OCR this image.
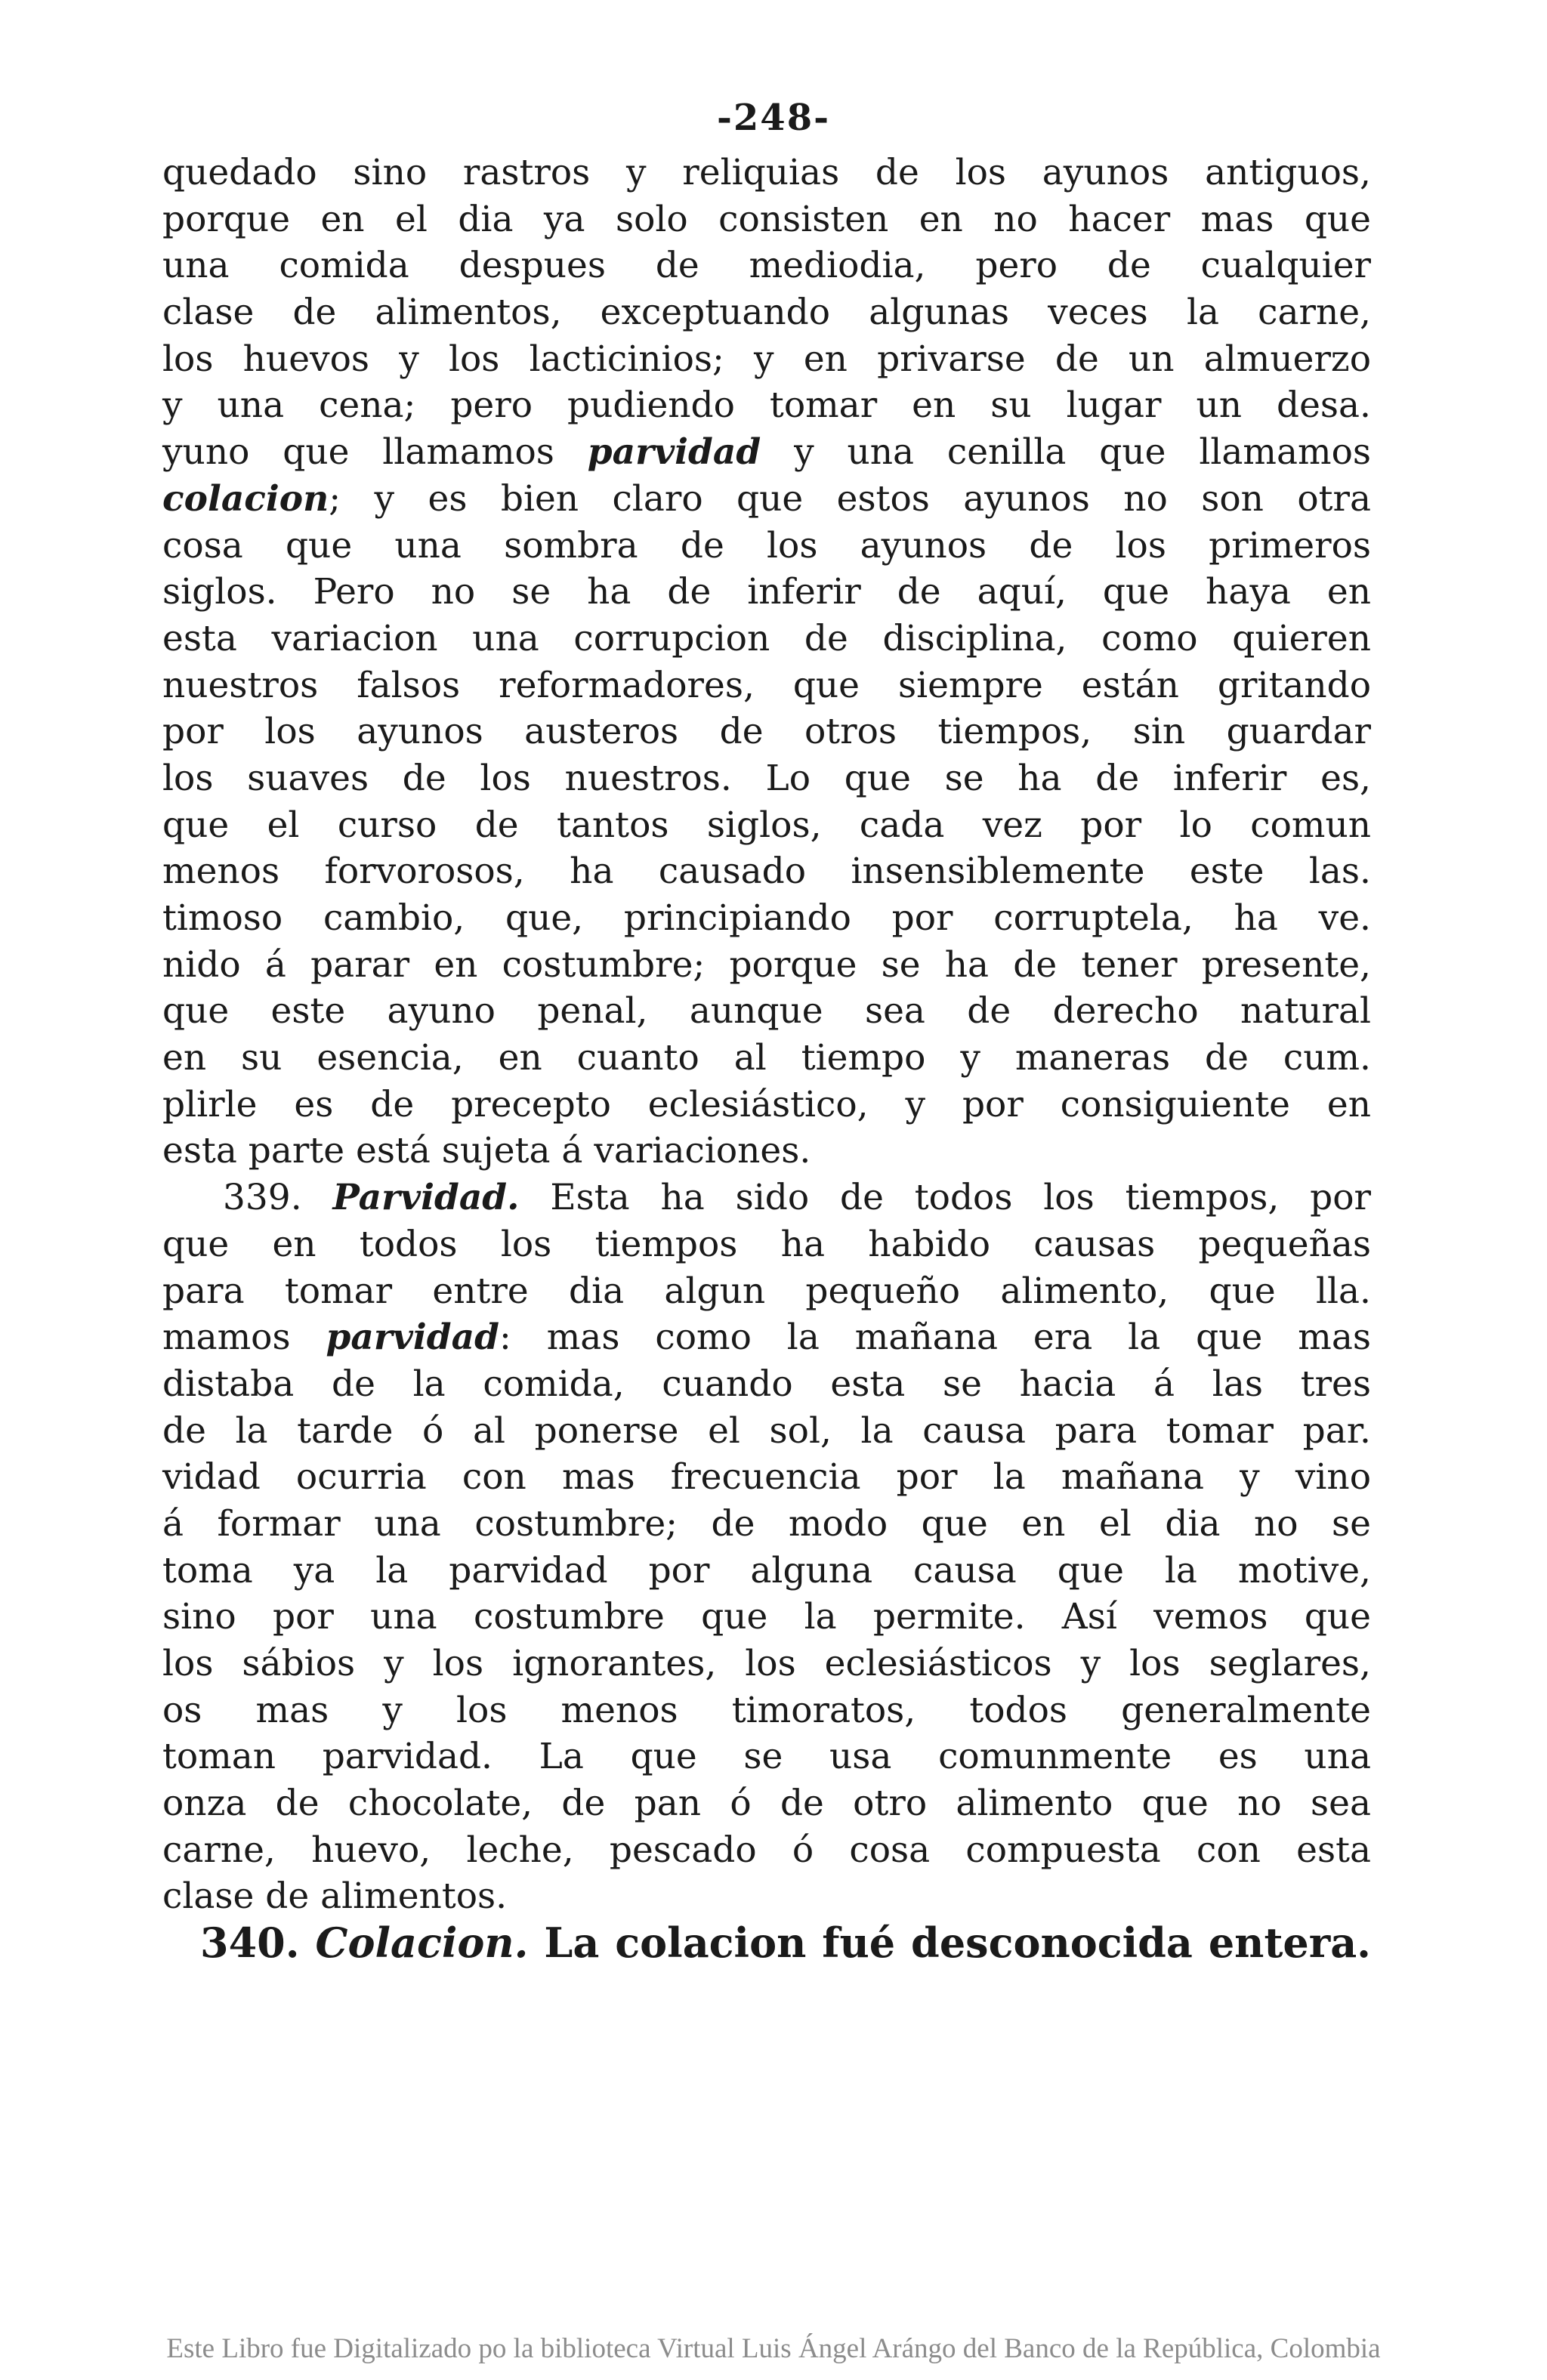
-248-
quedado sino rastros y reliquias de los ayunos antiguos,
porque en el dia ya solo consisten en no hacer mas que
una comida despues de mediodia, pero de cualquier
clase de alimentos, exceptuando algunas veces la carne,
los huevos y los lacticinios; y en privarse de un almuerzo
y una cena; pero pudiendo tomar en su lugar un desa.
yuno que llamamos parvidad y una cenilla que llamamos
colacion; y es bien claro que estos ayunos no son otra
cosa que una sombra de los ayunos de los primeros
siglos. Pero no se ha de inferir de aquí, que haya en
esta variacion una corrupcion de disciplina, como quieren
nuestros falsos reformadores, que siempre están gritando
por los ayunos austeros de otros tiempos, sin guardar
los suaves de los nuestros. Lo que se ha de inferir es,
que el curso de tantos siglos, cada vez por lo comun
menos forvorosos, ha causado insensiblemente este las.
timoso cambio, que, principiando por corruptela, ha ve.
nido á parar en costumbre; porque se ha de tener presente,
que este ayuno penal, aunque sea de derecho natural
en su esencia, en cuanto al tiempo y maneras de cum.
plirle es de precepto eclesiástico, y por consiguiente en
esta parte está sujeta á variaciones.
339. Parvidad. Esta ha sido de todos los tiempos, por
que en todos los tiempos ha habido causas pequeñas
para tomar entre dia algun pequeño alimento, que lla.
mamos parvidad: mas como la mañana era la que mas
distaba de la comida, cuando esta se hacia á las tres
de la tarde ó al ponerse el sol, la causa para tomar par.
vidad ocurria con mas frecuencia por la mañana y vino
á formar una costumbre; de modo que en el dia no se
toma ya la parvidad por alguna causa que la motive,
sino por una costumbre que la permite. Así vemos que
los sábios y los ignorantes, los eclesiásticos y los seglares,
os mas y los menos timoratos, todos generalmente
toman parvidad. La que se usa comunmente es una
onza de chocolate, de pan ó de otro alimento que no sea
carne, huevo, leche, pescado ó cosa compuesta con esta
clase de alimentos.
340. Colacion. La colacion fué desconocida entera.
Este Libro fue Digitalizado po la biblioteca Virtual Luis Ángel Arángo del Banco de la República, Colombia
